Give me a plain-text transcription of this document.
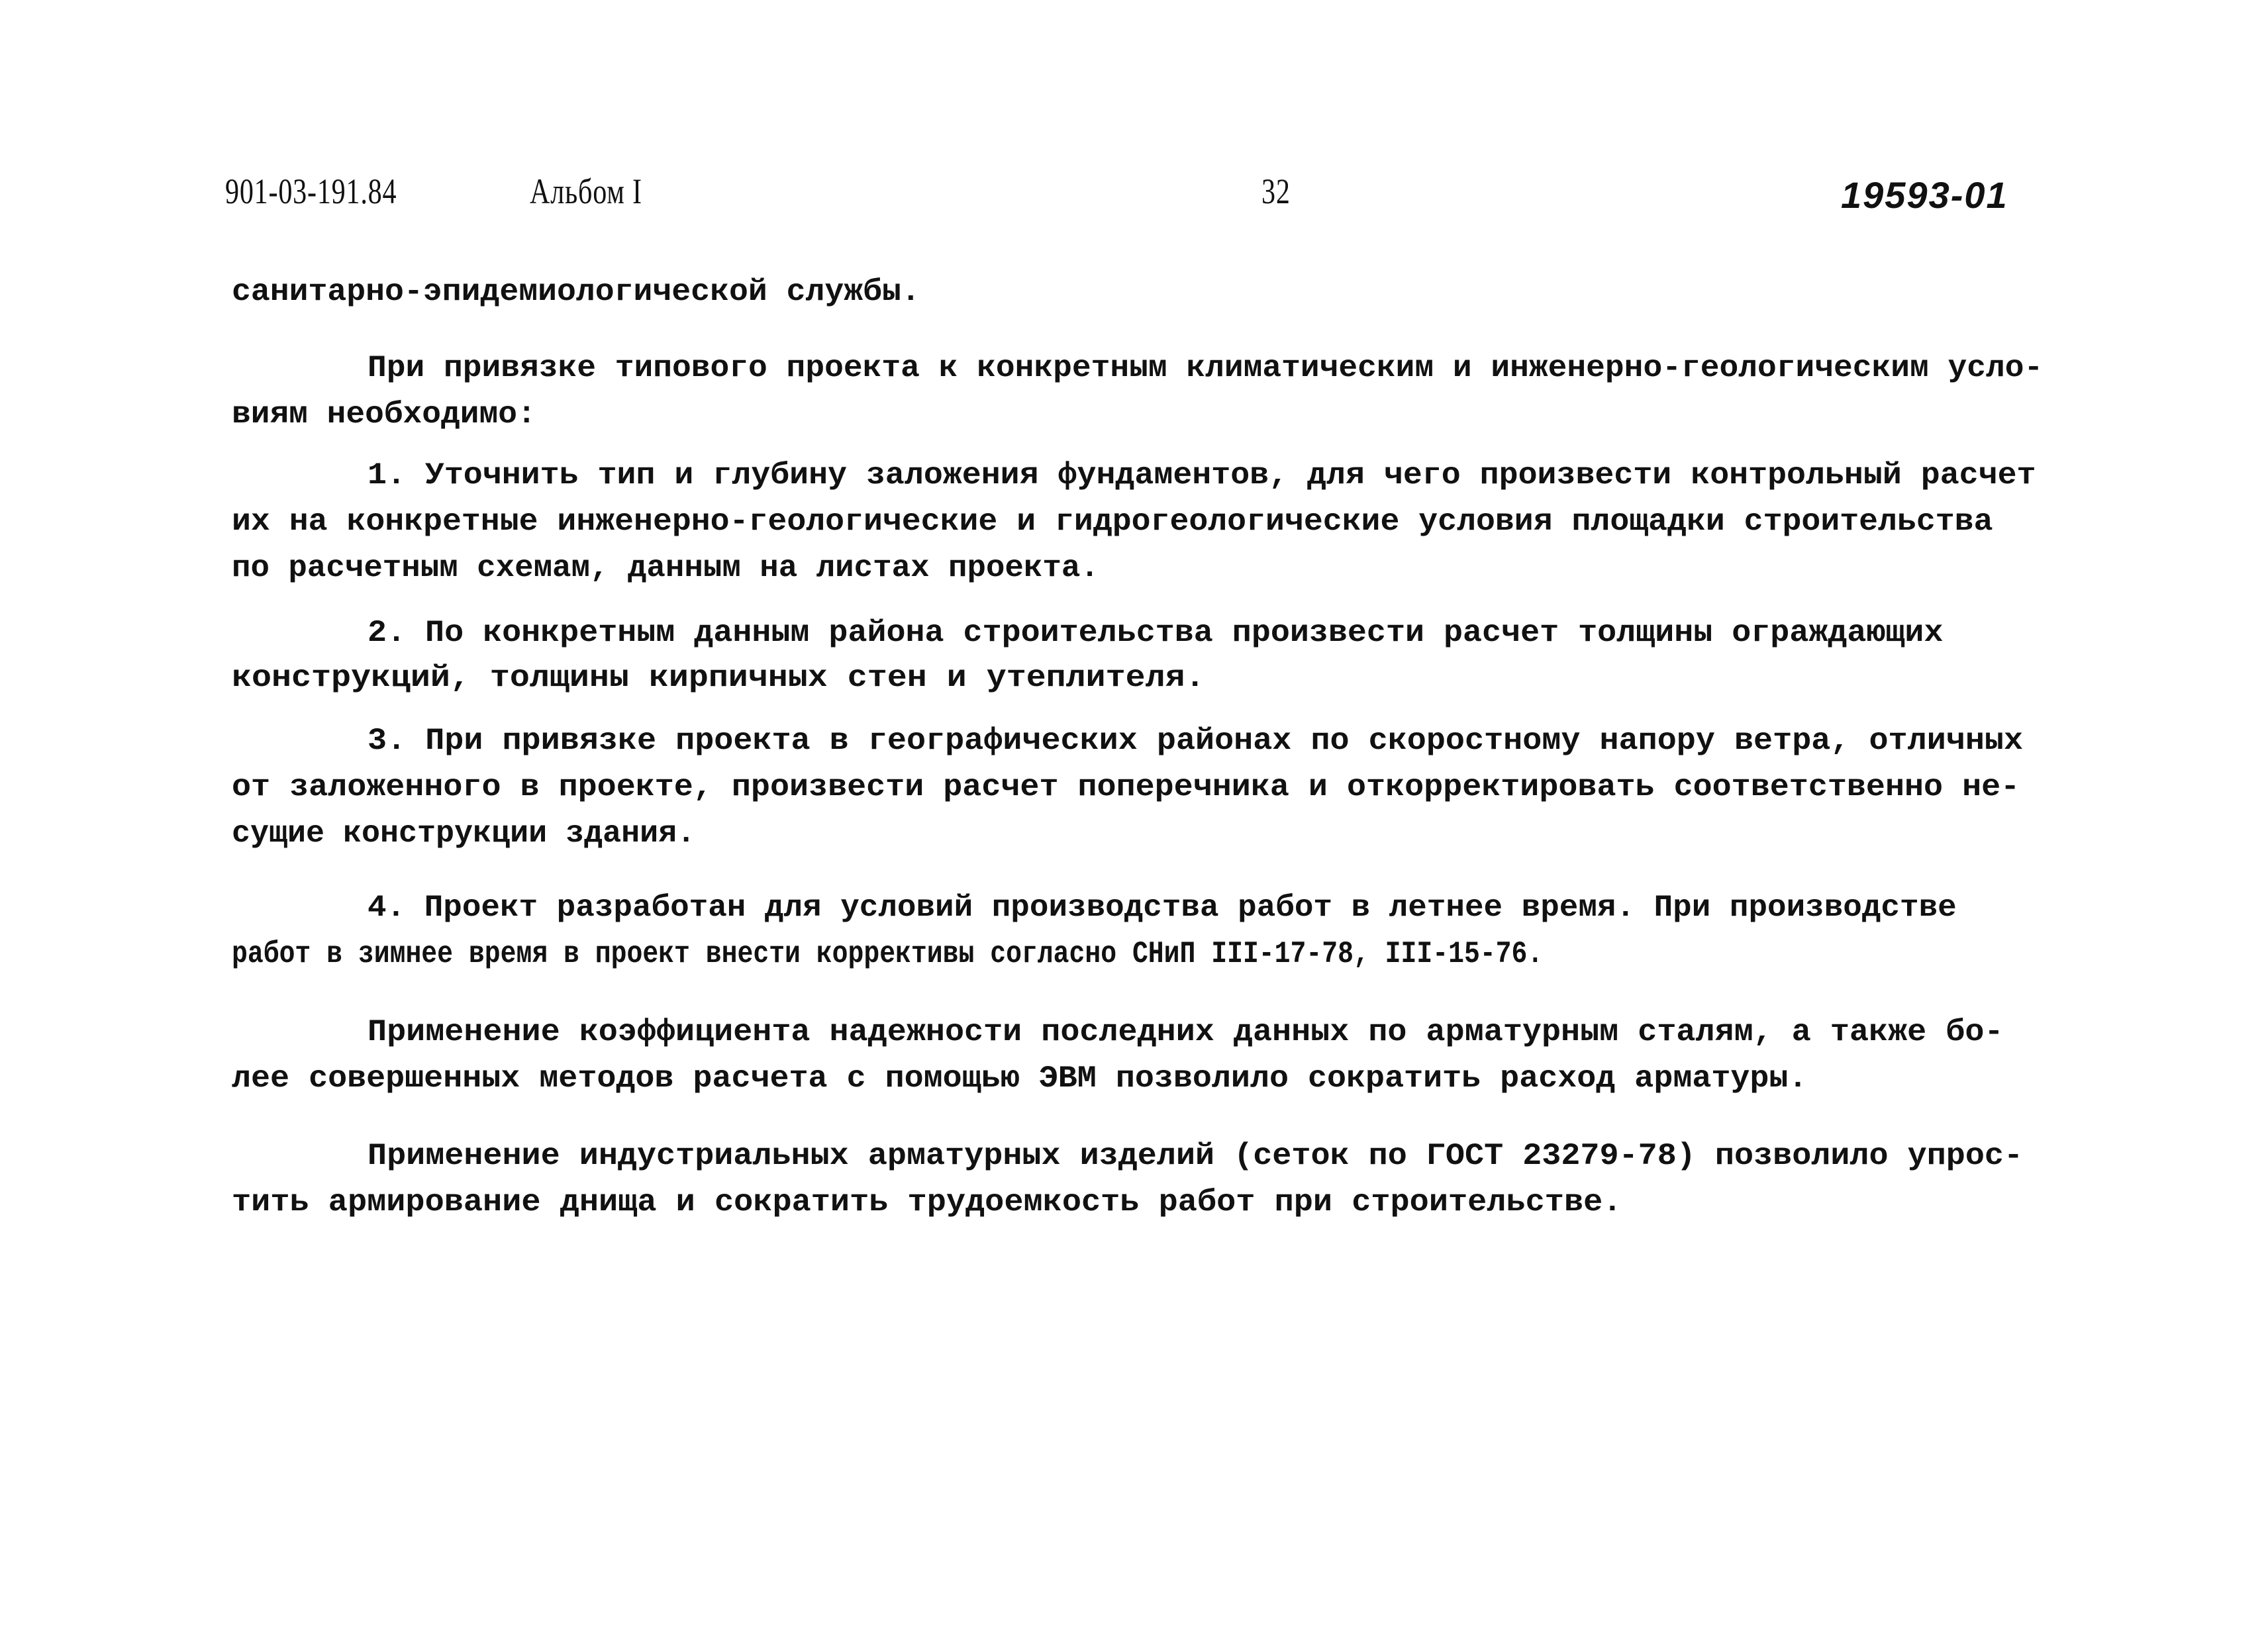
901-03-191.84	Альбом I	32	19593-01
санитарно-эпидемиологической службы.
При привязке типового проекта к конкретным климатическим и инженерно-геологическим усло-
виям необходимо:
1. Уточнить тип и глубину заложения фундаментов, для чего произвести контрольный расчет
их на конкретные инженерно-геологические и гидрогеологические условия площадки строительства
по расчетным схемам, данным на листах проекта.
2. По конкретным данным района строительства произвести расчет толщины ограждающих
конструкций, толщины кирпичных стен и утеплителя.
3. При привязке проекта в географических районах по скоростному напору ветра, отличных
от заложенного в проекте, произвести расчет поперечника и откорректировать соответственно не-
сущие конструкции здания.
4. Проект разработан для условий производства работ в летнее время. При производстве
работ в зимнее время в проект внести коррективы согласно СНиП III-17-78, III-15-76.
Применение коэффициента надежности последних данных по арматурным сталям, а также бо-
лее совершенных методов расчета с помощью ЭВМ позволило сократить расход арматуры.
Применение индустриальных арматурных изделий (сеток по ГОСТ 23279-78) позволило упрос-
тить армирование днища и сократить трудоемкость работ при строительстве.
